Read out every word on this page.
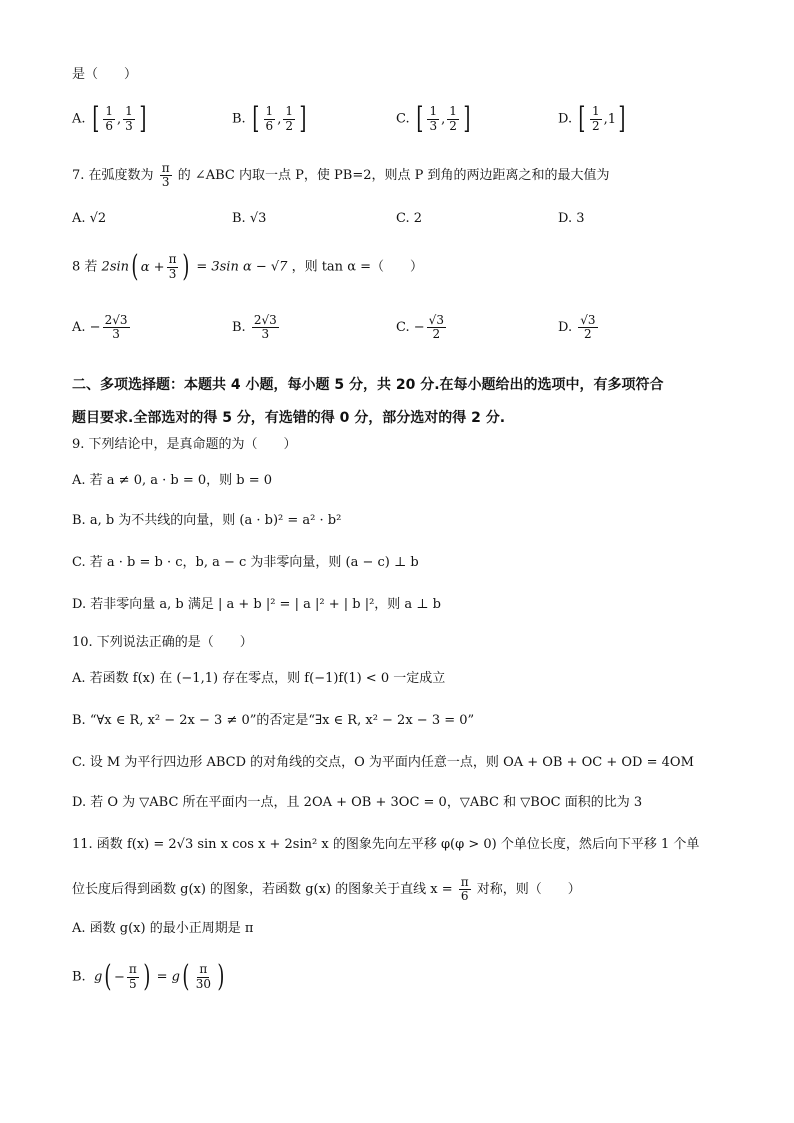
是（　　）
A. [ $\frac{1}{6}$ , $\frac{1}{3}$ ]	B. [ $\frac{1}{6}$ , $\frac{1}{2}$ ]	C. [ $\frac{1}{3}$ , $\frac{1}{2}$ ]	D. [ $\frac{1}{2}$ , 1 ]
7. 在弧度数为 $\frac{\pi}{3}$ 的 ∠ABC 内取一点 P，使 PB=2，则点 P 到角的两边距离之和的最大值为
A. √2	B. √3	C. 2	D. 3
8 若 2sin ( $\alpha + \frac{\pi}{3}$ ) = 3sin α − √7 ，则 tan α =（　　）
A. − $\frac{2√3}{3}$	B. $\frac{2√3}{3}$	C. − $\frac{√3}{2}$	D. $\frac{√3}{2}$
二、多项选择题：本题共 4 小题，每小题 5 分，共 20 分.在每小题给出的选项中，有多项符合
题目要求.全部选对的得 5 分，有选错的得 0 分，部分选对的得 2 分.
9. 下列结论中，是真命题的为（　　）
A. 若 a ≠ 0, a · b = 0，则 b = 0
B. a, b 为不共线的向量，则 (a · b)² = a² · b²
C. 若 a · b = b · c，b, a − c 为非零向量，则 (a − c) ⊥ b
D. 若非零向量 a, b 满足 | a + b |² = | a |² + | b |²，则 a ⊥ b
10. 下列说法正确的是（　　）
A. 若函数 f(x) 在 (−1,1) 存在零点，则 f(−1)f(1) < 0 一定成立
B. “∀x ∈ R, x² − 2x − 3 ≠ 0”的否定是“∃x ∈ R, x² − 2x − 3 = 0”
C. 设 M 为平行四边形 ABCD 的对角线的交点，O 为平面内任意一点，则 OA + OB + OC + OD = 4OM
D. 若 O 为 ▽ABC 所在平面内一点，且 2OA + OB + 3OC = 0，▽ABC 和 ▽BOC 面积的比为 3
11. 函数 f(x) = 2√3 sin x cos x + 2sin² x 的图象先向左平移 φ(φ > 0) 个单位长度，然后向下平移 1 个单
位长度后得到函数 g(x) 的图象，若函数 g(x) 的图象关于直线 $x = \frac{\pi}{6}$ 对称，则（　　）
A. 函数 g(x) 的最小正周期是 π
B. g ( − $\frac{\pi}{5}$ ) = g ( $\frac{\pi}{30}$ )
